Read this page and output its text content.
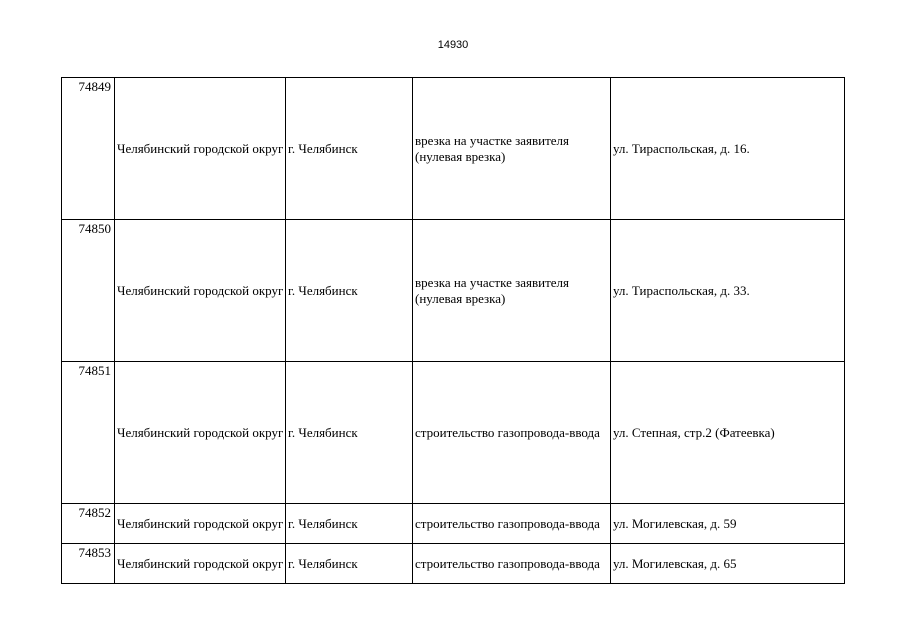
14930
74849	Челябинский городской округ	г. Челябинск	врезка на участке заявителя (нулевая врезка)	ул. Тираспольская, д. 16.
74850	Челябинский городской округ	г. Челябинск	врезка на участке заявителя (нулевая врезка)	ул. Тираспольская, д. 33.
74851	Челябинский городской округ	г. Челябинск	строительство газопровода-ввода	ул. Степная, стр.2 (Фатеевка)
74852	Челябинский городской округ	г. Челябинск	строительство газопровода-ввода	ул. Могилевская, д. 59
74853	Челябинский городской округ	г. Челябинск	строительство газопровода-ввода	ул. Могилевская, д. 65
